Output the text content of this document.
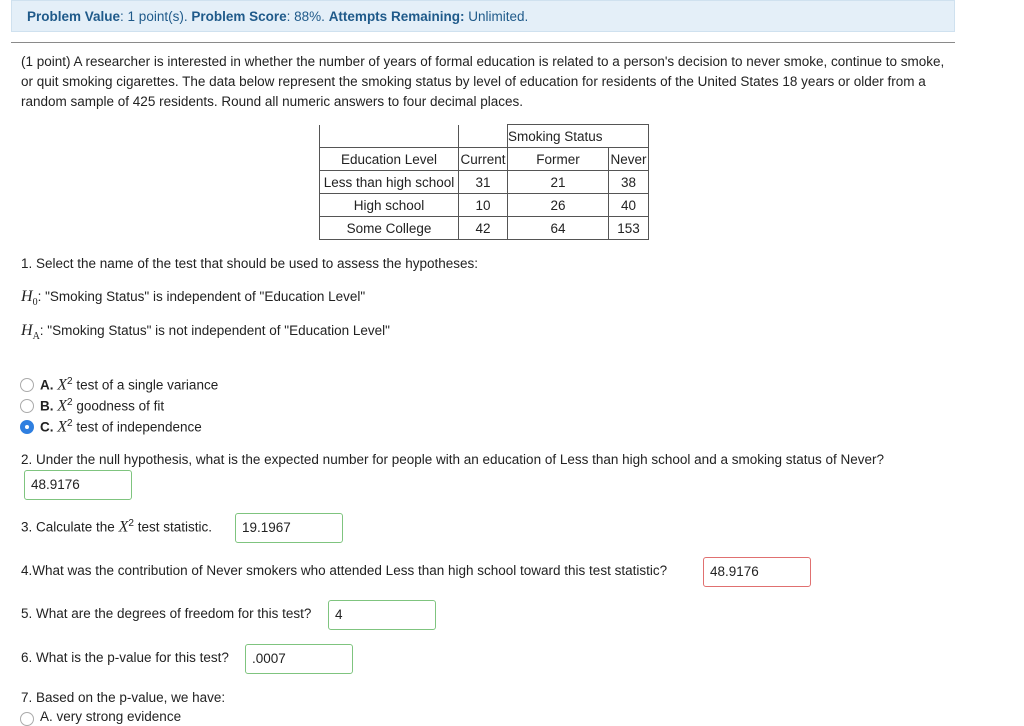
Problem Value: 1 point(s). Problem Score: 88%. Attempts Remaining: Unlimited.
(1 point) A researcher is interested in whether the number of years of formal education is related to a person's decision to never smoke, continue to smoke, or quit smoking cigarettes. The data below represent the smoking status by level of education for residents of the United States 18 years or older from a random sample of 425 residents. Round all numeric answers to four decimal places.
		Smoking Status	
Education Level	Current	Former	Never
Less than high school	31	21	38
High school	10	26	40
Some College	42	64	153
1. Select the name of the test that should be used to assess the hypotheses:
$H_0$: "Smoking Status" is independent of "Education Level"
$H_A$: "Smoking Status" is not independent of "Education Level"
A. $X^2$ test of a single variance
B. $X^2$ goodness of fit
C. $X^2$ test of independence
2. Under the null hypothesis, what is the expected number for people with an education of Less than high school and a smoking status of Never?
48.9176
3. Calculate the $X^2$ test statistic.	19.1967
4.What was the contribution of Never smokers who attended Less than high school toward this test statistic?	48.9176
5. What are the degrees of freedom for this test?	4
6. What is the p-value for this test?	.0007
7. Based on the p-value, we have:
A. very strong evidence
